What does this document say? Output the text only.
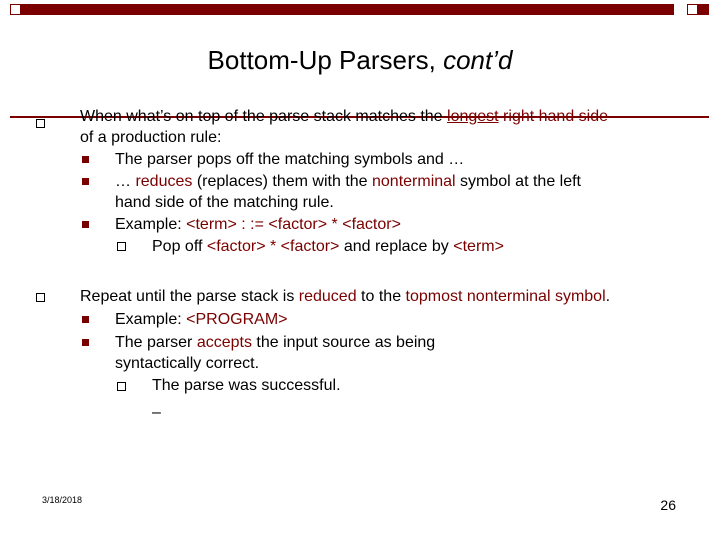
Bottom-Up Parsers, cont’d
When what’s on top of the parse stack matches the longest right hand side
of a production rule:
The parser pops off the matching symbols and …
… reduces (replaces) them with the nonterminal symbol at the left
hand side of the matching rule.
Example: <term> : := <factor> * <factor>
Pop off <factor> * <factor> and replace by <term>
Repeat until the parse stack is reduced to the topmost nonterminal symbol.
Example: <PROGRAM>
The parser accepts the input source as being
syntactically correct.
The parse was successful.
–
3/18/2018	26
